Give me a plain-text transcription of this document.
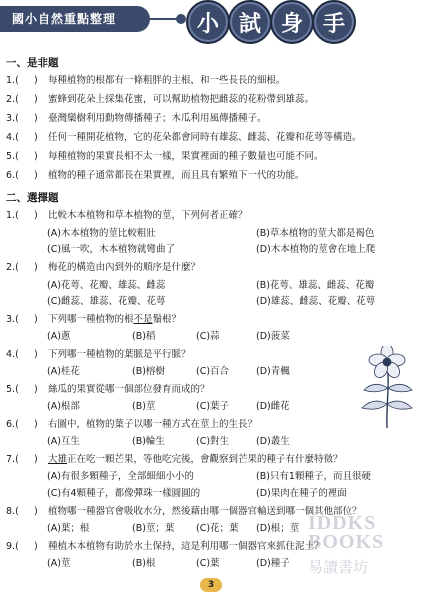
國小自然重點整理	小 試 身 手
一、是非題
1.( ) 每種植物的根都有一條粗胖的主根，和一些長長的細根。
2.( ) 蜜蜂到花朵上採集花蜜，可以幫助植物把雌蕊的花粉帶到雄蕊。
3.( ) 臺灣欒樹利用動物傳播種子；木瓜利用風傳播種子。
4.( ) 任何一種開花植物，它的花朵都會同時有雄蕊、雌蕊、花瓣和花萼等構造。
5.( ) 每種植物的果實長相不太一樣，果實裡面的種子數量也可能不同。
6.( ) 植物的種子通常都長在果實裡，而且具有繁殖下一代的功能。
二、選擇題
1.( ) 比較木本植物和草本植物的莖，下列何者正確？
(A)木本植物的莖比較粗壯	(B)草本植物的莖大都是褐色
(C)風一吹，木本植物就彎曲了	(D)木本植物的莖會在地上爬
2.( ) 梅花的構造由內到外的順序是什麼？
(A)花萼、花瓣、雄蕊、雌蕊	(B)花萼、雄蕊、雌蕊、花瓣
(C)雌蕊、雄蕊、花瓣、花萼	(D)雄蕊、雌蕊、花瓣、花萼
3.( ) 下列哪一種植物的根不是鬚根？
(A)蔥	(B)稻	(C)蒜	(D)菠菜
4.( ) 下列哪一種植物的葉脈是平行脈？
(A)桂花	(B)榕樹	(C)百合	(D)青楓
5.( ) 絲瓜的果實從哪一個部位發育而成的？
(A)根部	(B)莖	(C)葉子	(D)雌花
6.( ) 右圖中，植物的葉子以哪一種方式在莖上的生長？
(A)互生	(B)輪生	(C)對生	(D)叢生
7.( ) 大雄正在吃一顆芒果，等他吃完後，會觀察到芒果的種子有什麼特徵？
(A)有很多顆種子，全部細細小小的	(B)只有1顆種子，而且很硬
(C)有4顆種子，都像彈珠一樣圓圓的	(D)果肉在種子的裡面
8.( ) 植物哪一種器官會吸收水分，然後藉由哪一個器官輸送到哪一個其他部位？
(A)葉；根	(B)莖；葉 (C)花；葉 (D)根；莖
9.( ) 種植木本植物有助於水土保持，這是利用哪一個器官來抓住泥土？
(A)莖	(B)根	(C)葉	(D)種子
IDDKS
BOOKS
易讀書坊
3
